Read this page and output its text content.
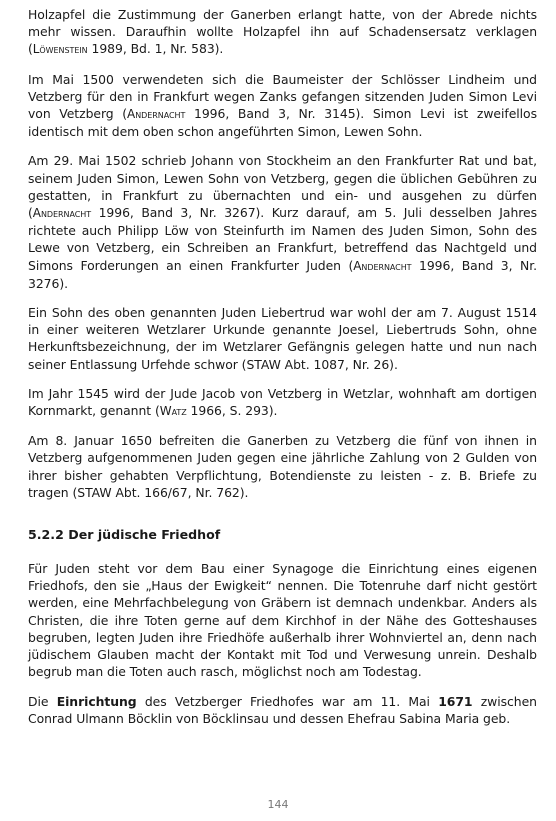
Holzapfel die Zustimmung der Ganerben erlangt hatte, von der Abrede nichts mehr wissen. Daraufhin wollte Holzapfel ihn auf Schadensersatz verklagen (Löwenstein 1989, Bd. 1, Nr. 583).

Im Mai 1500 verwendeten sich die Baumeister der Schlösser Lindheim und Vetzberg für den in Frankfurt wegen Zanks gefangen sitzenden Juden Simon Levi von Vetzberg (Andernacht 1996, Band 3, Nr. 3145). Simon Levi ist zweifellos identisch mit dem oben schon angeführten Simon, Lewen Sohn.

Am 29. Mai 1502 schrieb Johann von Stockheim an den Frankfurter Rat und bat, seinem Juden Simon, Lewen Sohn von Vetzberg, gegen die üblichen Gebühren zu gestatten, in Frankfurt zu übernachten und ein- und ausgehen zu dürfen (Andernacht 1996, Band 3, Nr. 3267). Kurz darauf, am 5. Juli desselben Jahres richtete auch Philipp Löw von Steinfurth im Namen des Juden Simon, Sohn des Lewe von Vetzberg, ein Schreiben an Frankfurt, betreffend das Nachtgeld und Simons Forderungen an einen Frankfurter Juden (Andernacht 1996, Band 3, Nr. 3276).

Ein Sohn des oben genannten Juden Liebertrud war wohl der am 7. August 1514 in einer weiteren Wetzlarer Urkunde genannte Joesel, Liebertruds Sohn, ohne Herkunftsbezeichnung, der im Wetzlarer Gefängnis gelegen hatte und nun nach seiner Entlassung Urfehde schwor (STAW Abt. 1087, Nr. 26).

Im Jahr 1545 wird der Jude Jacob von Vetzberg in Wetzlar, wohnhaft am dortigen Kornmarkt, genannt (Watz 1966, S. 293).

Am 8. Januar 1650 befreiten die Ganerben zu Vetzberg die fünf von ihnen in Vetzberg aufgenommenen Juden gegen eine jährliche Zahlung von 2 Gulden von ihrer bisher gehabten Verpflichtung, Botendienste zu leisten - z. B. Briefe zu tragen (STAW Abt. 166/67, Nr. 762).

5.2.2 Der jüdische Friedhof

Für Juden steht vor dem Bau einer Synagoge die Einrichtung eines eigenen Friedhofs, den sie „Haus der Ewigkeit“ nennen. Die Totenruhe darf nicht gestört werden, eine Mehrfachbelegung von Gräbern ist demnach undenkbar. Anders als Christen, die ihre Toten gerne auf dem Kirchhof in der Nähe des Gotteshauses begruben, legten Juden ihre Friedhöfe außerhalb ihrer Wohnviertel an, denn nach jüdischem Glauben macht der Kontakt mit Tod und Verwesung unrein. Deshalb begrub man die Toten auch rasch, möglichst noch am Todestag.

Die Einrichtung des Vetzberger Friedhofes war am 11. Mai 1671 zwischen Conrad Ulmann Böcklin von Böcklinsau und dessen Ehefrau Sabina Maria geb.

144
